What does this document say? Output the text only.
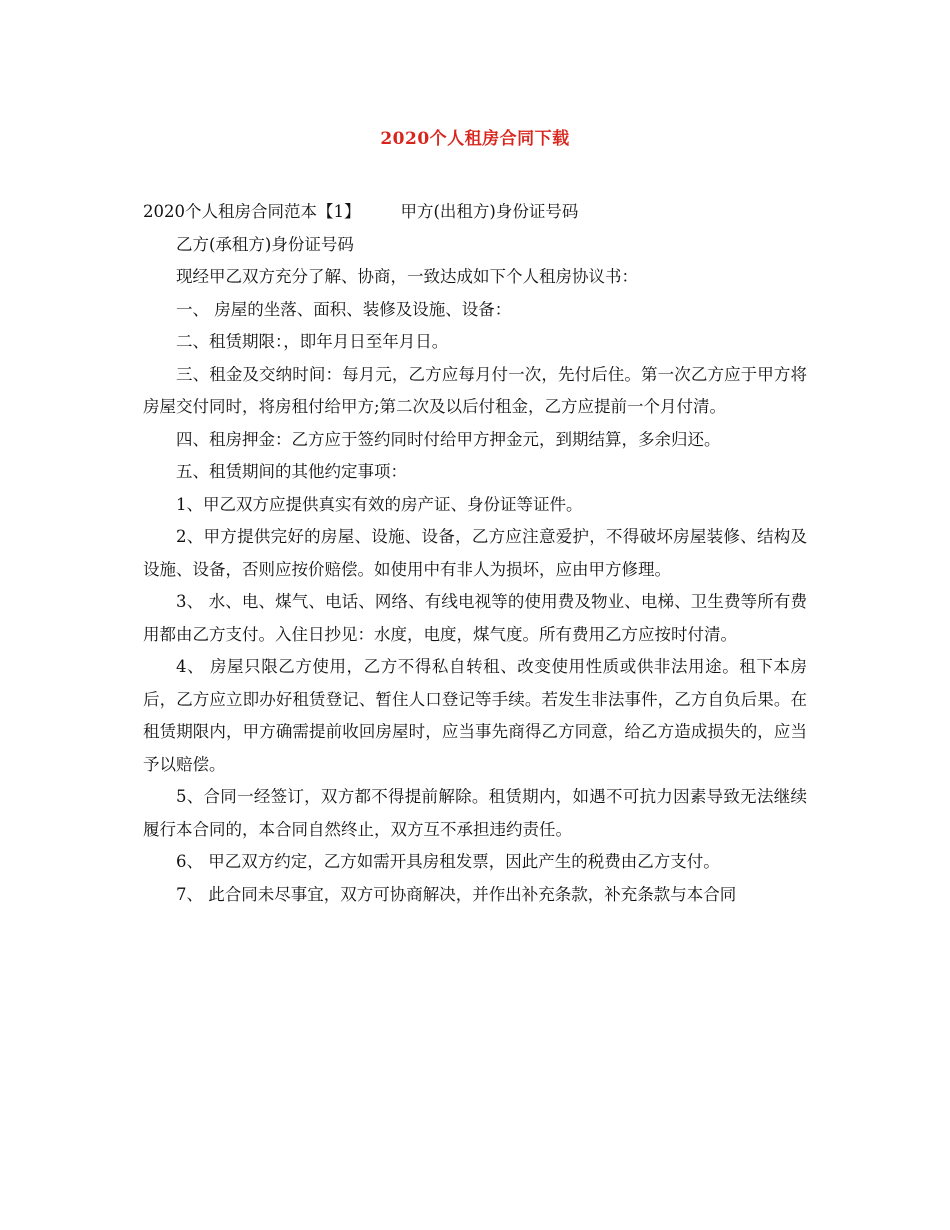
2020个人租房合同下载

2020个人租房合同范本【1】 甲方(出租方)身份证号码

乙方(承租方)身份证号码

现经甲乙双方充分了解、协商，一致达成如下个人租房协议书：

一、 房屋的坐落、面积、装修及设施、设备：

二、租赁期限：，即年月日至年月日。

三、租金及交纳时间：每月元，乙方应每月付一次，先付后住。第一次乙方应于甲方将房屋交付同时，将房租付给甲方;第二次及以后付租金，乙方应提前一个月付清。

四、租房押金：乙方应于签约同时付给甲方押金元，到期结算，多余归还。

五、租赁期间的其他约定事项：

1、甲乙双方应提供真实有效的房产证、身份证等证件。

2、甲方提供完好的房屋、设施、设备，乙方应注意爱护，不得破坏房屋装修、结构及设施、设备，否则应按价赔偿。如使用中有非人为损坏，应由甲方修理。

3、 水、电、煤气、电话、网络、有线电视等的使用费及物业、电梯、卫生费等所有费用都由乙方支付。入住日抄见：水度，电度，煤气度。所有费用乙方应按时付清。

4、 房屋只限乙方使用，乙方不得私自转租、改变使用性质或供非法用途。租下本房后，乙方应立即办好租赁登记、暂住人口登记等手续。若发生非法事件，乙方自负后果。在租赁期限内，甲方确需提前收回房屋时，应当事先商得乙方同意，给乙方造成损失的，应当予以赔偿。

5、合同一经签订，双方都不得提前解除。租赁期内，如遇不可抗力因素导致无法继续履行本合同的，本合同自然终止，双方互不承担违约责任。

6、 甲乙双方约定，乙方如需开具房租发票，因此产生的税费由乙方支付。

7、 此合同未尽事宜，双方可协商解决，并作出补充条款，补充条款与本合同
